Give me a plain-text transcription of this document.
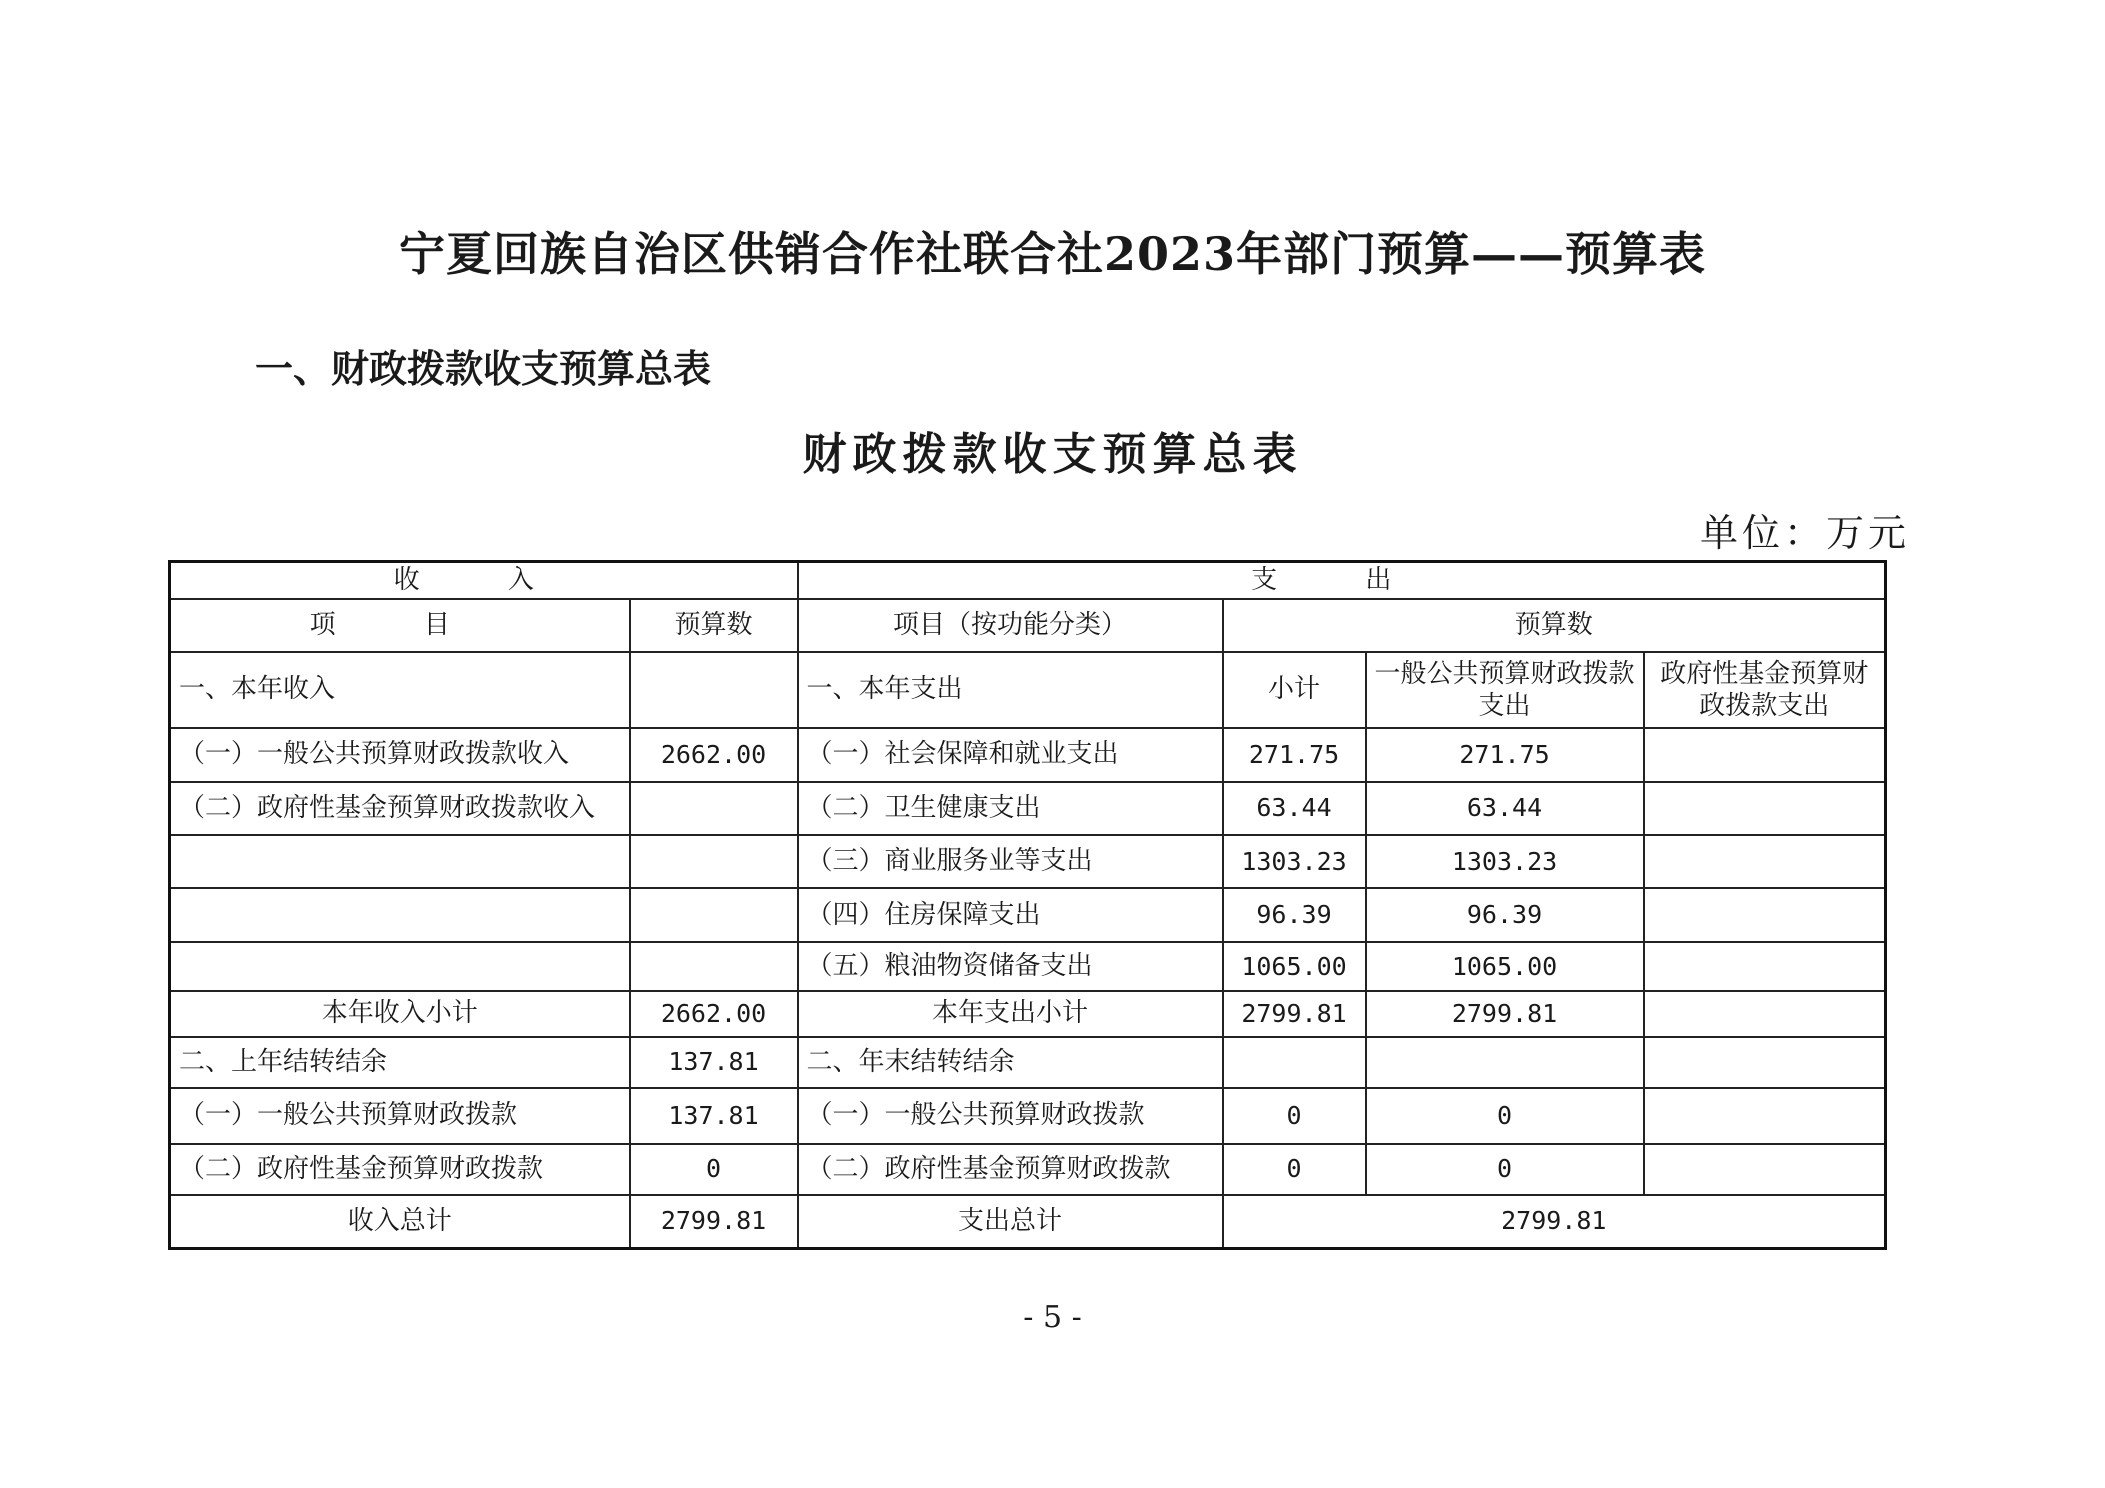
宁夏回族自治区供销合作社联合社2023年部门预算——预算表
一、财政拨款收支预算总表
财政拨款收支预算总表
单位：万元
收 入		支 出			
项 目	预算数	项目（按功能分类）	预算数		
一、本年收入		一、本年支出	小计	一般公共预算财政拨款支出	政府性基金预算财政拨款支出
（一）一般公共预算财政拨款收入	2662.00	（一）社会保障和就业支出	271.75	271.75	
（二）政府性基金预算财政拨款收入		（二）卫生健康支出	63.44	63.44	
		（三）商业服务业等支出	1303.23	1303.23	
		（四）住房保障支出	96.39	96.39	
		（五）粮油物资储备支出	1065.00	1065.00	
本年收入小计	2662.00	本年支出小计	2799.81	2799.81	
二、上年结转结余	137.81	二、年末结转结余			
（一）一般公共预算财政拨款	137.81	（一）一般公共预算财政拨款	0	0	
（二）政府性基金预算财政拨款	0	（二）政府性基金预算财政拨款	0	0	
收入总计	2799.81	支出总计	2799.81		
- 5 -
